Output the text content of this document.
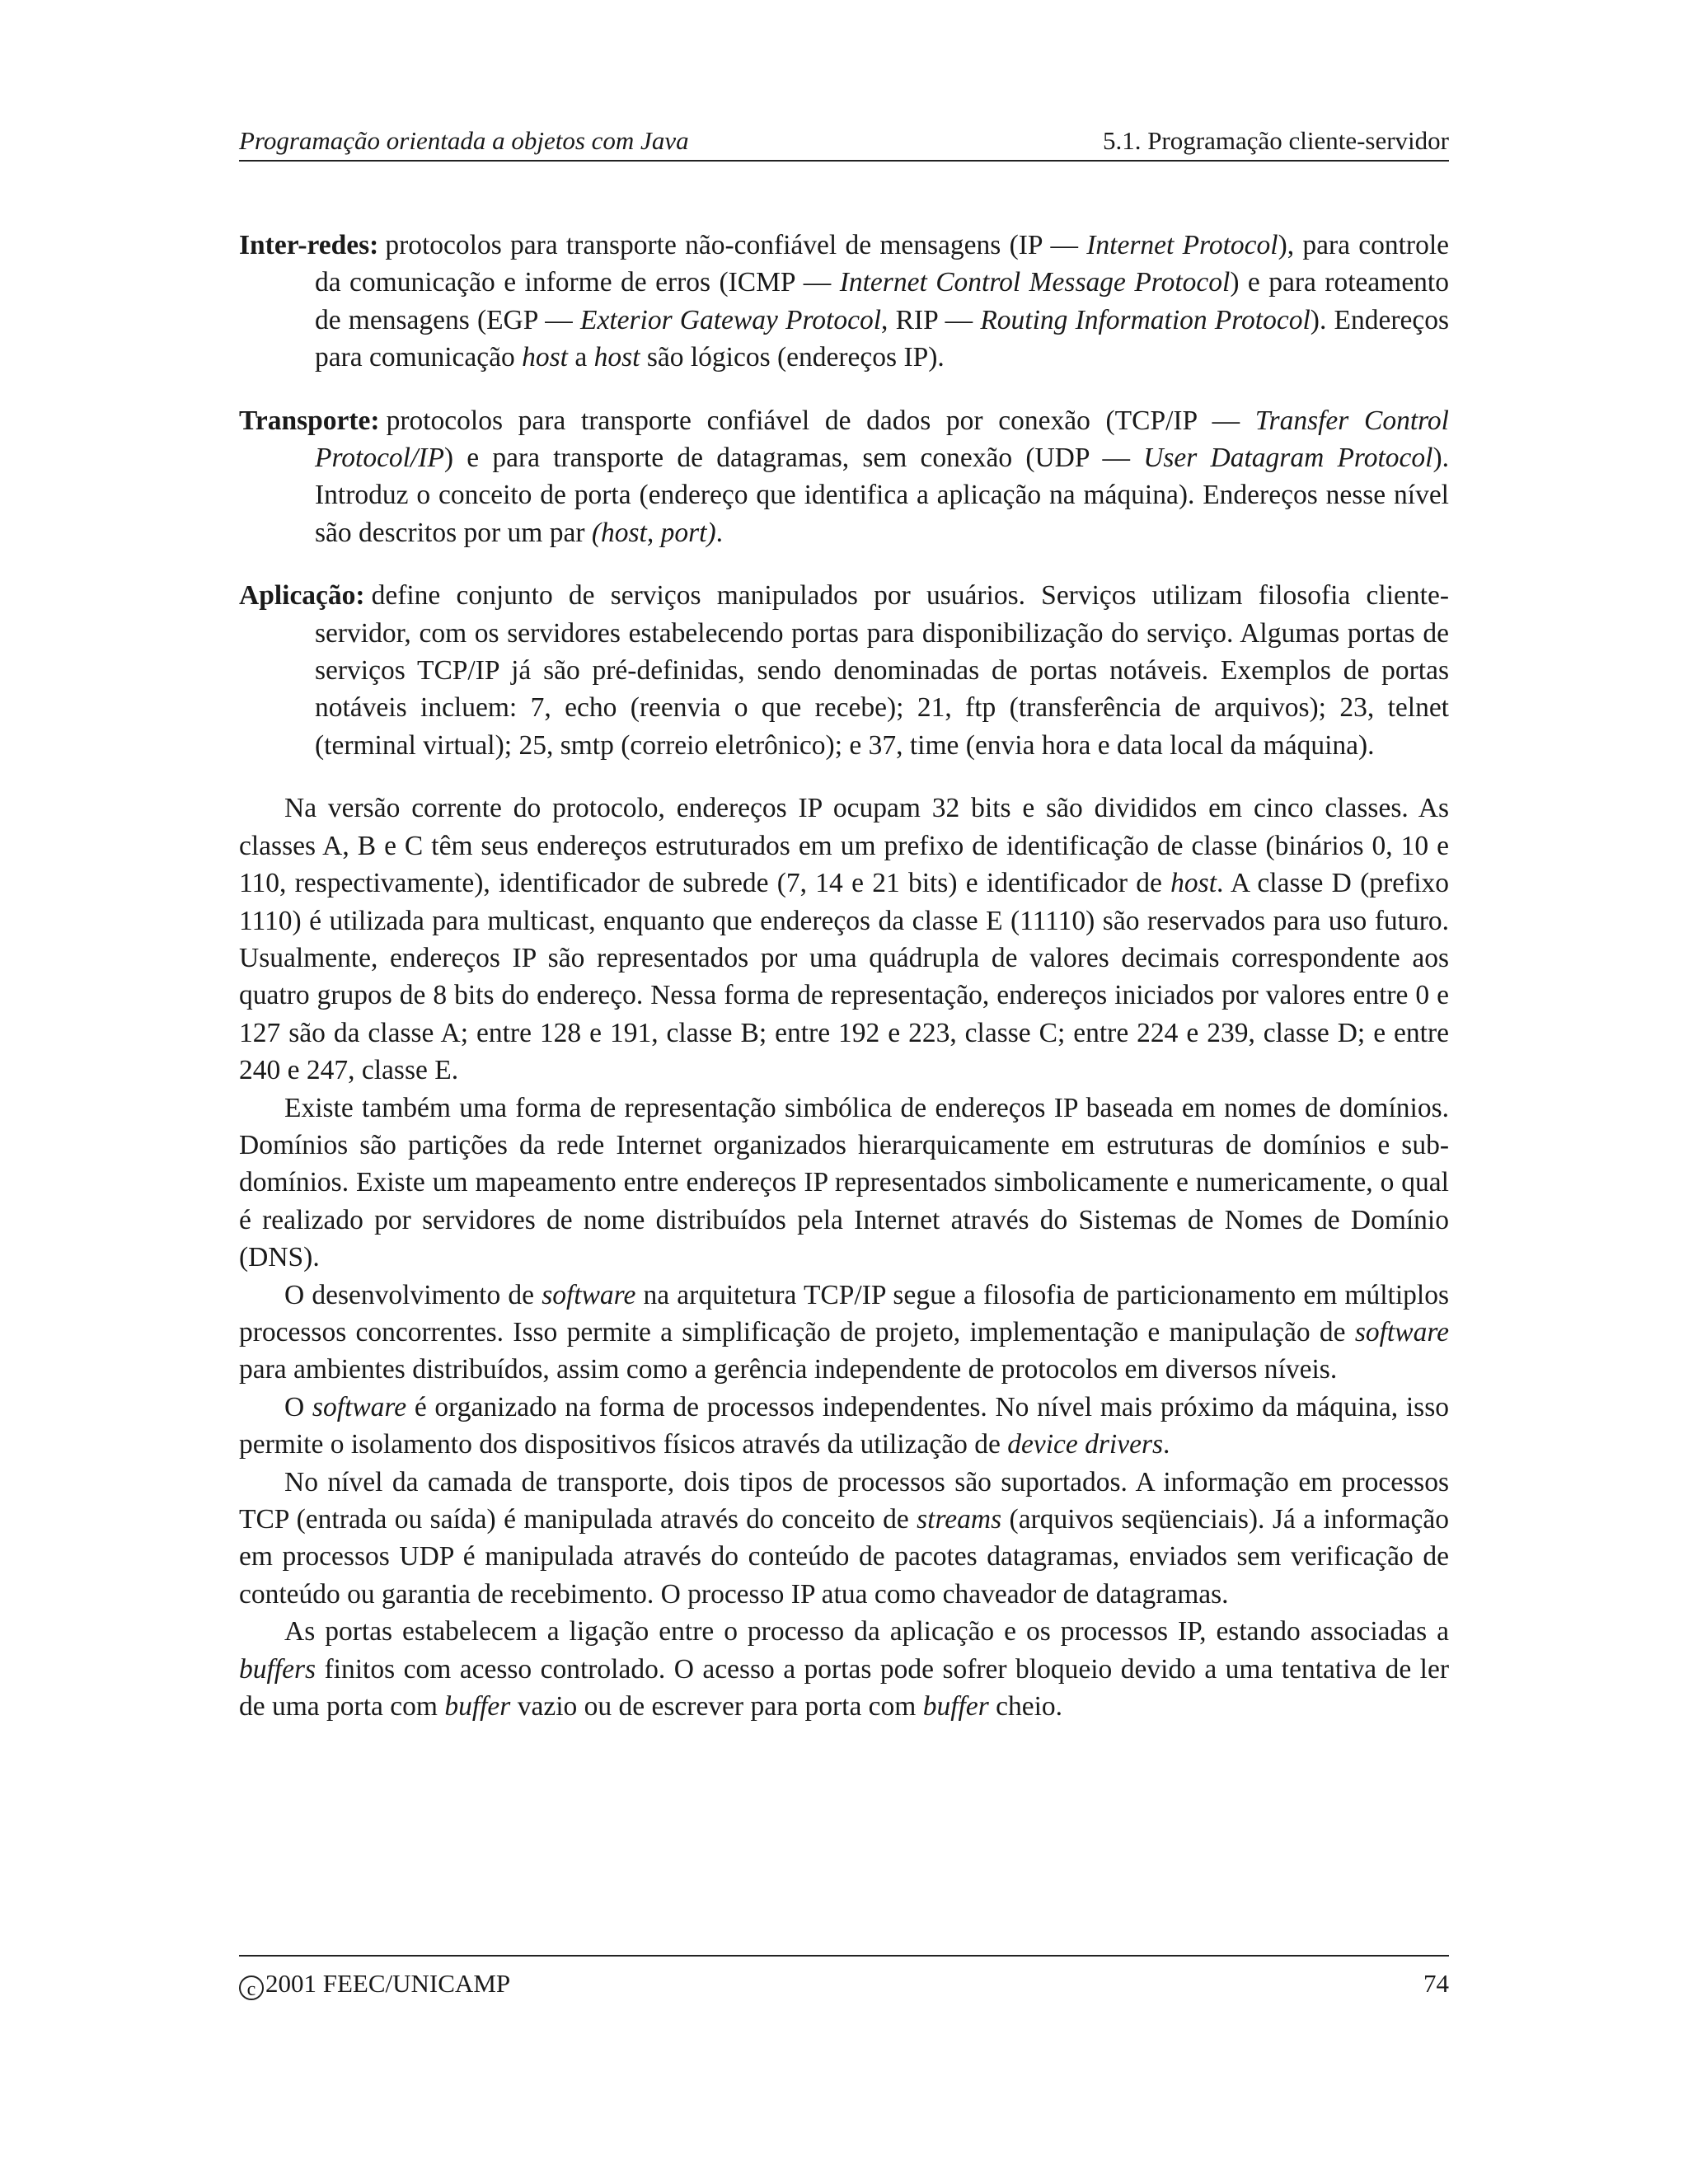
Programação orientada a objetos com Java	5.1. Programação cliente-servidor

Inter-redes: protocolos para transporte não-confiável de mensagens (IP — Internet Protocol), para controle da comunicação e informe de erros (ICMP — Internet Control Message Protocol) e para roteamento de mensagens (EGP — Exterior Gateway Protocol, RIP — Routing Information Protocol). Endereços para comunicação host a host são lógicos (endereços IP).

Transporte: protocolos para transporte confiável de dados por conexão (TCP/IP — Transfer Control Protocol/IP) e para transporte de datagramas, sem conexão (UDP — User Datagram Protocol). Introduz o conceito de porta (endereço que identifica a aplicação na máquina). Endereços nesse nível são descritos por um par (host, port).

Aplicação: define conjunto de serviços manipulados por usuários. Serviços utilizam filosofia cliente-servidor, com os servidores estabelecendo portas para disponibilização do serviço. Algumas portas de serviços TCP/IP já são pré-definidas, sendo denominadas de portas notáveis. Exemplos de portas notáveis incluem: 7, echo (reenvia o que recebe); 21, ftp (transferência de arquivos); 23, telnet (terminal virtual); 25, smtp (correio eletrônico); e 37, time (envia hora e data local da máquina).

Na versão corrente do protocolo, endereços IP ocupam 32 bits e são divididos em cinco classes. As classes A, B e C têm seus endereços estruturados em um prefixo de identificação de classe (binários 0, 10 e 110, respectivamente), identificador de subrede (7, 14 e 21 bits) e identificador de host. A classe D (prefixo 1110) é utilizada para multicast, enquanto que endereços da classe E (11110) são reservados para uso futuro. Usualmente, endereços IP são representados por uma quádrupla de valores decimais correspondente aos quatro grupos de 8 bits do endereço. Nessa forma de representação, endereços iniciados por valores entre 0 e 127 são da classe A; entre 128 e 191, classe B; entre 192 e 223, classe C; entre 224 e 239, classe D; e entre 240 e 247, classe E.

Existe também uma forma de representação simbólica de endereços IP baseada em nomes de domínios. Domínios são partições da rede Internet organizados hierarquicamente em estruturas de domínios e sub-domínios. Existe um mapeamento entre endereços IP representados simbolicamente e numericamente, o qual é realizado por servidores de nome distribuídos pela Internet através do Sistemas de Nomes de Domínio (DNS).

O desenvolvimento de software na arquitetura TCP/IP segue a filosofia de particionamento em múltiplos processos concorrentes. Isso permite a simplificação de projeto, implementação e manipulação de software para ambientes distribuídos, assim como a gerência independente de protocolos em diversos níveis.

O software é organizado na forma de processos independentes. No nível mais próximo da máquina, isso permite o isolamento dos dispositivos físicos através da utilização de device drivers.

No nível da camada de transporte, dois tipos de processos são suportados. A informação em processos TCP (entrada ou saída) é manipulada através do conceito de streams (arquivos seqüenciais). Já a informação em processos UDP é manipulada através do conteúdo de pacotes datagramas, enviados sem verificação de conteúdo ou garantia de recebimento. O processo IP atua como chaveador de datagramas.

As portas estabelecem a ligação entre o processo da aplicação e os processos IP, estando associadas a buffers finitos com acesso controlado. O acesso a portas pode sofrer bloqueio devido a uma tentativa de ler de uma porta com buffer vazio ou de escrever para porta com buffer cheio.

c 2001 FEEC/UNICAMP	74
